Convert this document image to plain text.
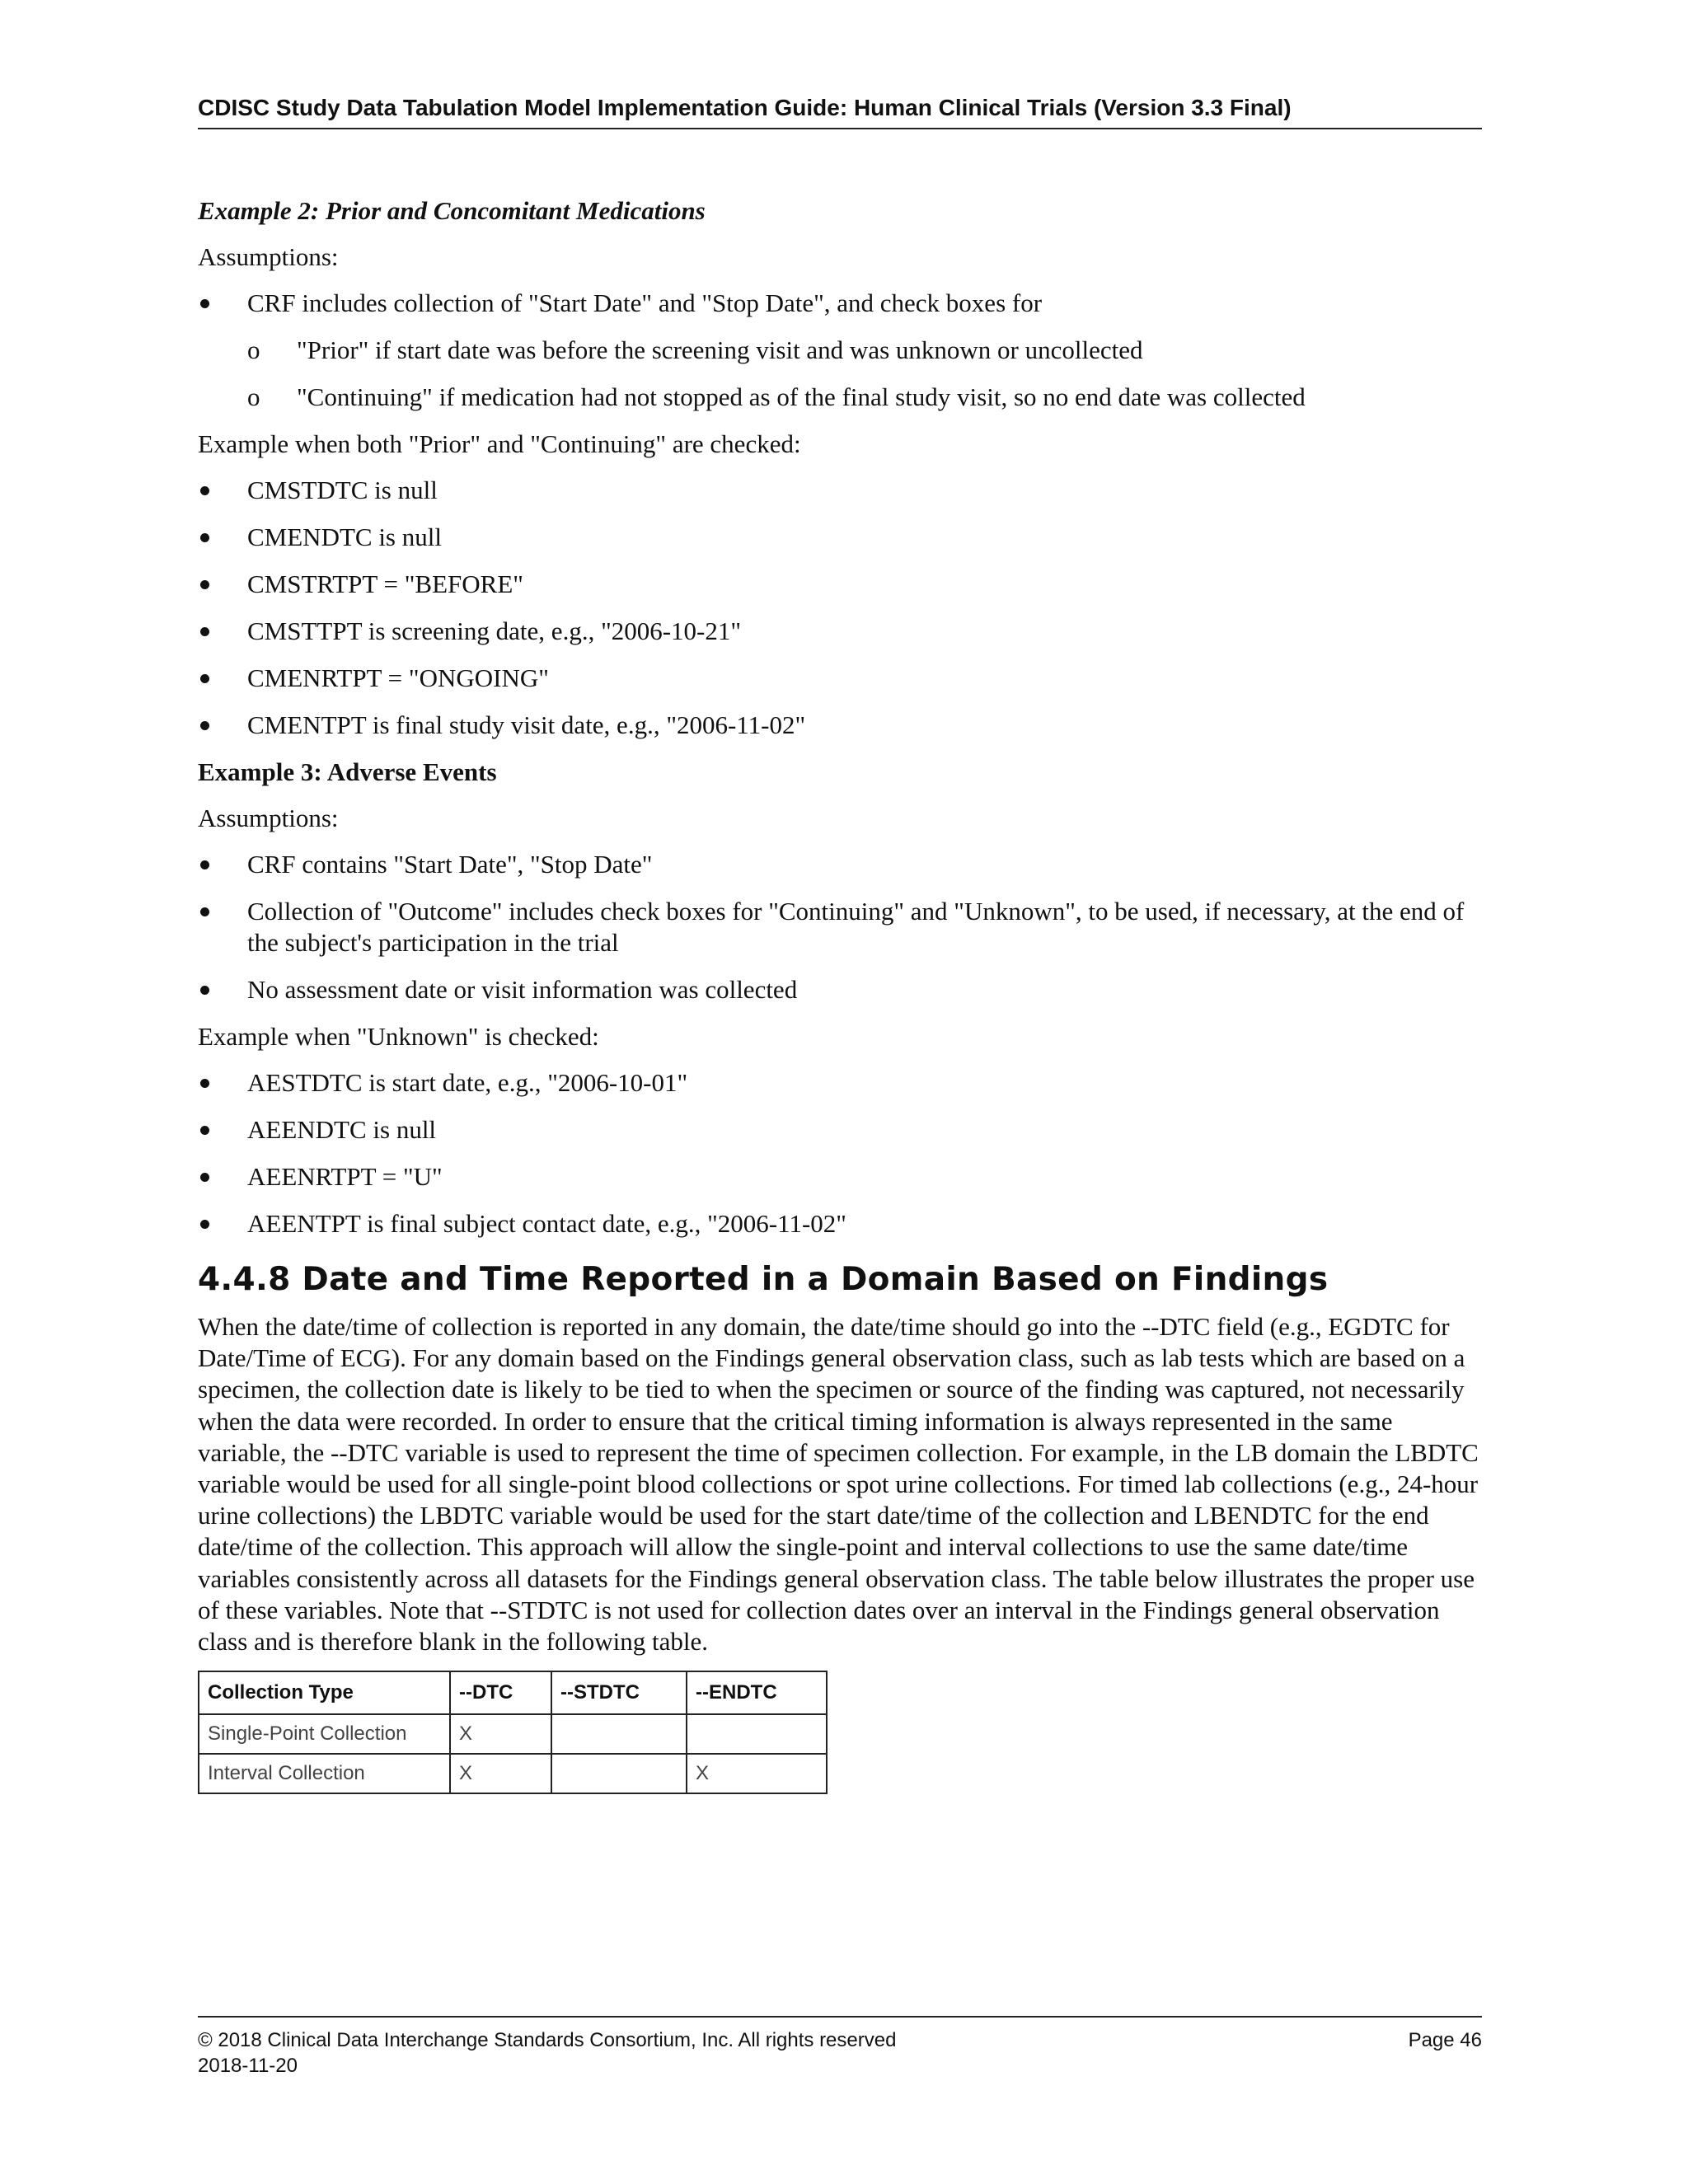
CDISC Study Data Tabulation Model Implementation Guide: Human Clinical Trials (Version 3.3 Final)

Example 2: Prior and Concomitant Medications

Assumptions:

CRF includes collection of "Start Date" and "Stop Date", and check boxes for
o "Prior" if start date was before the screening visit and was unknown or uncollected
o "Continuing" if medication had not stopped as of the final study visit, so no end date was collected

Example when both "Prior" and "Continuing" are checked:

CMSTDTC is null
CMENDTC is null
CMSTRTPT = "BEFORE"
CMSTTPT is screening date, e.g., "2006-10-21"
CMENRTPT = "ONGOING"
CMENTPT is final study visit date, e.g., "2006-11-02"

Example 3: Adverse Events

Assumptions:

CRF contains "Start Date", "Stop Date"
Collection of "Outcome" includes check boxes for "Continuing" and "Unknown", to be used, if necessary, at the end of the subject's participation in the trial
No assessment date or visit information was collected

Example when "Unknown" is checked:

AESTDTC is start date, e.g., "2006-10-01"
AEENDTC is null
AEENRTPT = "U"
AEENTPT is final subject contact date, e.g., "2006-11-02"
4.4.8 Date and Time Reported in a Domain Based on Findings

When the date/time of collection is reported in any domain, the date/time should go into the --DTC field (e.g., EGDTC for Date/Time of ECG). For any domain based on the Findings general observation class, such as lab tests which are based on a specimen, the collection date is likely to be tied to when the specimen or source of the finding was captured, not necessarily when the data were recorded. In order to ensure that the critical timing information is always represented in the same variable, the --DTC variable is used to represent the time of specimen collection. For example, in the LB domain the LBDTC variable would be used for all single-point blood collections or spot urine collections. For timed lab collections (e.g., 24-hour urine collections) the LBDTC variable would be used for the start date/time of the collection and LBENDTC for the end date/time of the collection. This approach will allow the single-point and interval collections to use the same date/time variables consistently across all datasets for the Findings general observation class. The table below illustrates the proper use of these variables. Note that --STDTC is not used for collection dates over an interval in the Findings general observation class and is therefore blank in the following table.

Collection Type	--DTC	--STDTC	--ENDTC
Single-Point Collection	X		
Interval Collection	X		X
© 2018 Clinical Data Interchange Standards Consortium, Inc. All rights reserved	Page 46
2018-11-20
